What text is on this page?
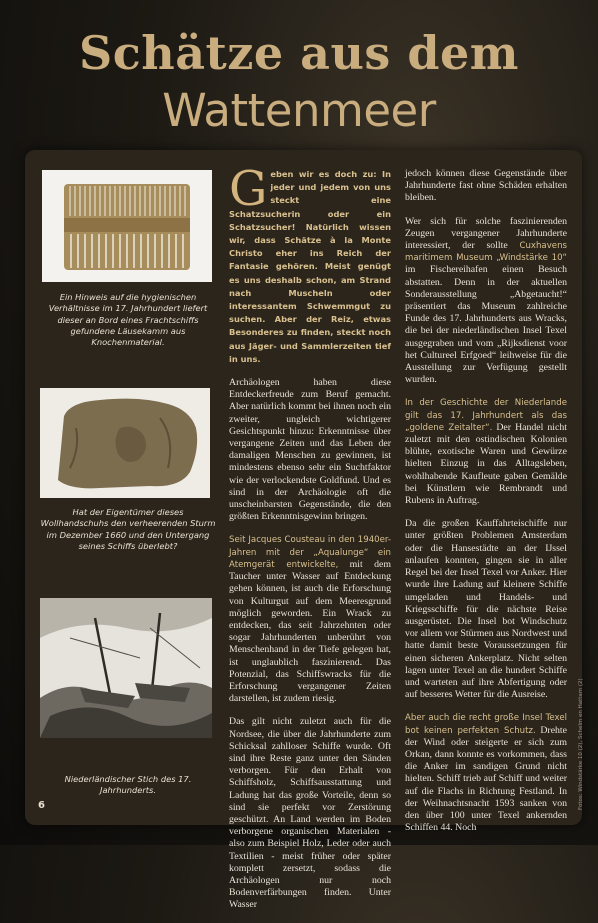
Schätze aus dem
Wattenmeer

Ein Hinweis auf die hygienischen Verhältnisse im 17. Jahrhundert liefert dieser an Bord eines Frachtschiffs gefundene Läusekamm aus Knochenmaterial.

Hat der Eigentümer dieses Wollhandschuhs den verheerenden Sturm im Dezember 1660 und den Untergang seines Schiffs überlebt?

Niederländischer Stich des 17. Jahrhunderts.

Geben wir es doch zu: In jeder und jedem von uns steckt eine Schatzsucherin oder ein Schatzsucher! Natürlich wissen wir, dass Schätze à la Monte Christo eher ins Reich der Fantasie gehören. Meist genügt es uns deshalb schon, am Strand nach Muscheln oder interessantem Schwemmgut zu suchen. Aber der Reiz, etwas Besonderes zu finden, steckt noch aus Jäger- und Sammlerzeiten tief in uns.

Archäologen haben diese Entdeckerfreude zum Beruf gemacht. Aber natürlich kommt bei ihnen noch ein zweiter, ungleich wichtigerer Gesichtspunkt hinzu: Erkenntnisse über vergangene Zeiten und das Leben der damaligen Menschen zu gewinnen, ist mindestens ebenso sehr ein Suchtfaktor wie der verlockendste Goldfund. Und es sind in der Archäologie oft die unscheinbarsten Gegenstände, die den größten Erkenntnisgewinn bringen.

Seit Jacques Cousteau in den 1940er-Jahren mit der „Aqualunge“ ein Atemgerät entwickelte, mit dem Taucher unter Wasser auf Entdeckung gehen können, ist auch die Erforschung von Kulturgut auf dem Meeresgrund möglich geworden. Ein Wrack zu entdecken, das seit Jahrzehnten oder sogar Jahrhunderten unberührt von Menschenhand in der Tiefe gelegen hat, ist unglaublich faszinierend. Das Potenzial, das Schiffswracks für die Erforschung vergangener Zeiten darstellen, ist zudem riesig.

Das gilt nicht zuletzt auch für die Nordsee, die über die Jahrhunderte zum Schicksal zahlloser Schiffe wurde. Oft sind ihre Reste ganz unter den Sänden verborgen. Für den Erhalt von Schiffsholz, Schiffsausstattung und Ladung hat das große Vorteile, denn so sind sie perfekt vor Zerstörung geschützt. An Land werden im Boden verborgene organischen Materialen - also zum Beispiel Holz, Leder oder auch Textilien - meist früher oder später komplett zersetzt, sodass die Archäologen nur noch Bodenverfärbungen finden. Unter Wasser

jedoch können diese Gegenstände über Jahrhunderte fast ohne Schäden erhalten bleiben.

Wer sich für solche faszinierenden Zeugen vergangener Jahrhunderte interessiert, der sollte Cuxhavens maritimem Museum „Windstärke 10“ im Fischereihafen einen Besuch abstatten. Denn in der aktuellen Sonderausstellung „Abgetaucht!“ präsentiert das Museum zahlreiche Funde des 17. Jahrhunderts aus Wracks, die bei der niederländischen Insel Texel ausgegraben und vom „Rijksdienst voor het Cultureel Erfgoed“ leihweise für die Ausstellung zur Verfügung gestellt wurden.

In der Geschichte der Niederlande gilt das 17. Jahrhundert als das „goldene Zeitalter“. Der Handel nicht zuletzt mit den ostindischen Kolonien blühte, exotische Waren und Gewürze hielten Einzug in das Alltagsleben, wohlhabende Kaufleute gaben Gemälde bei Künstlern wie Rembrandt und Rubens in Auftrag.

Da die großen Kauffahrteischiffe nur unter größten Problemen Amsterdam oder die Hansestädte an der IJssel anlaufen konnten, gingen sie in aller Regel bei der Insel Texel vor Anker. Hier wurde ihre Ladung auf kleinere Schiffe umgeladen und Handels- und Kriegsschiffe für die nächste Reise ausgerüstet. Die Insel bot Windschutz vor allem vor Stürmen aus Nordwest und hatte damit beste Voraussetzungen für einen sicheren Ankerplatz. Nicht selten lagen unter Texel an die hundert Schiffe und warteten auf ihre Abfertigung oder auf besseres Wetter für die Ausreise.

Aber auch die recht große Insel Texel bot keinen perfekten Schutz. Drehte der Wind oder steigerte er sich zum Orkan, dann konnte es vorkommen, dass die Anker im sandigen Grund nicht hielten. Schiff trieb auf Schiff und weiter auf die Flachs in Richtung Festland. In der Weihnachtsnacht 1593 sanken von den über 100 unter Texel ankernden Schiffen 44. Noch

6	Fotos: Windstärke 10 (2), Schelm en Hattam (2)
